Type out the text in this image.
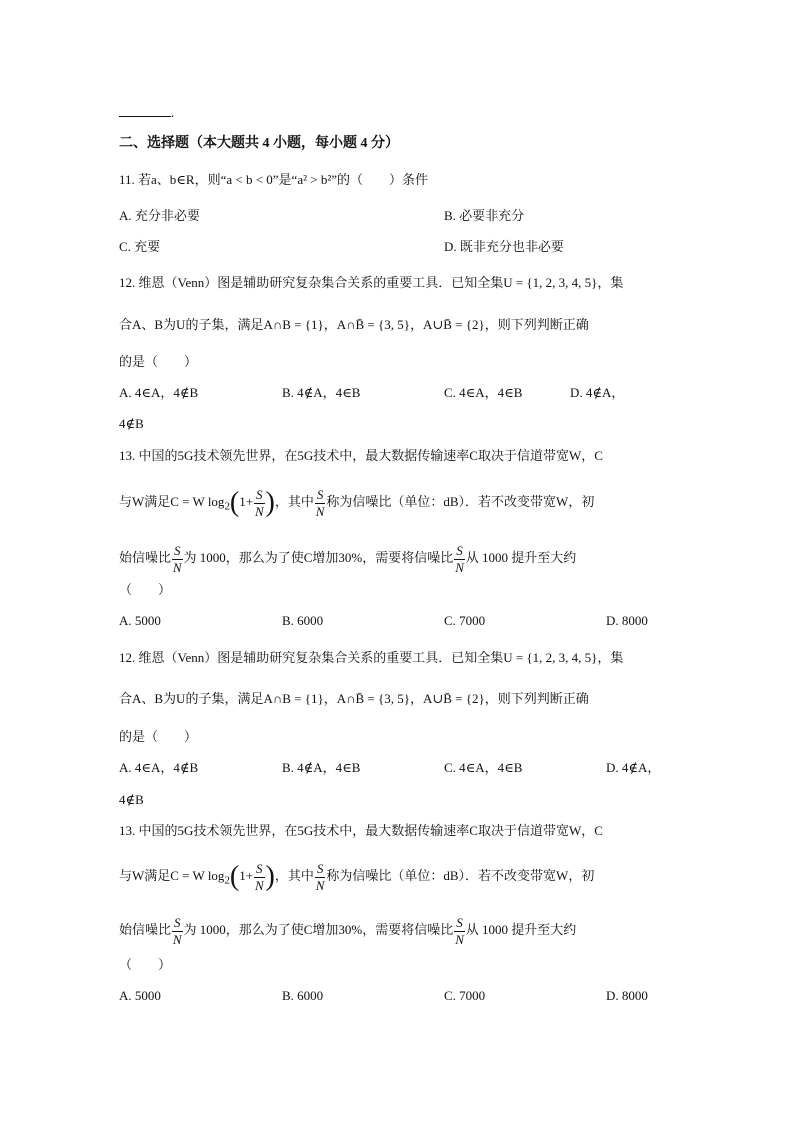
.
二、选择题（本大题共 4 小题，每小题 4 分）
11. 若a、b∈R，则“a < b < 0”是“a² > b²”的（　　）条件
A. 充分非必要	B. 必要非充分
C. 充要	D. 既非充分也非必要
12. 维恩（Venn）图是辅助研究复杂集合关系的重要工具．已知全集U = {1, 2, 3, 4, 5}，集
合A、B为U的子集，满足A∩B = {1}，A∩B̄ = {3, 5}，A∪B̄ = {2}，则下列判断正确
的是（　　）
A. 4∈A，4∉B	B. 4∉A，4∈B	C. 4∈A，4∈B	D. 4∉A，
4∉B
13. 中国的5G技术领先世界，在5G技术中，最大数据传输速率C取决于信道带宽W，C
与W满足C = W $\log_2(1+ \frac{S}{N}$ )，其中 $\frac{S}{N}$ 称为信噪比（单位：dB）．若不改变带宽W，初
始信噪比 $\frac{S}{N}$ 为 1000，那么为了使C增加30%，需要将信噪比 $\frac{S}{N}$ 从 1000 提升至大约
（　　）
A. 5000	B. 6000	C. 7000	D. 8000
12. 维恩（Venn）图是辅助研究复杂集合关系的重要工具．已知全集U = {1, 2, 3, 4, 5}，集
合A、B为U的子集，满足A∩B = {1}，A∩B̄ = {3, 5}，A∪B̄ = {2}，则下列判断正确
的是（　　）
A. 4∈A，4∉B	B. 4∉A，4∈B	C. 4∈A，4∈B	D. 4∉A，
4∉B
13. 中国的5G技术领先世界，在5G技术中，最大数据传输速率C取决于信道带宽W，C
与W满足C = W $\log_2(1+ \frac{S}{N}$ )，其中 $\frac{S}{N}$ 称为信噪比（单位：dB）．若不改变带宽W，初
始信噪比 $\frac{S}{N}$ 为 1000，那么为了使C增加30%，需要将信噪比 $\frac{S}{N}$ 从 1000 提升至大约
（　　）
A. 5000	B. 6000	C. 7000	D. 8000
